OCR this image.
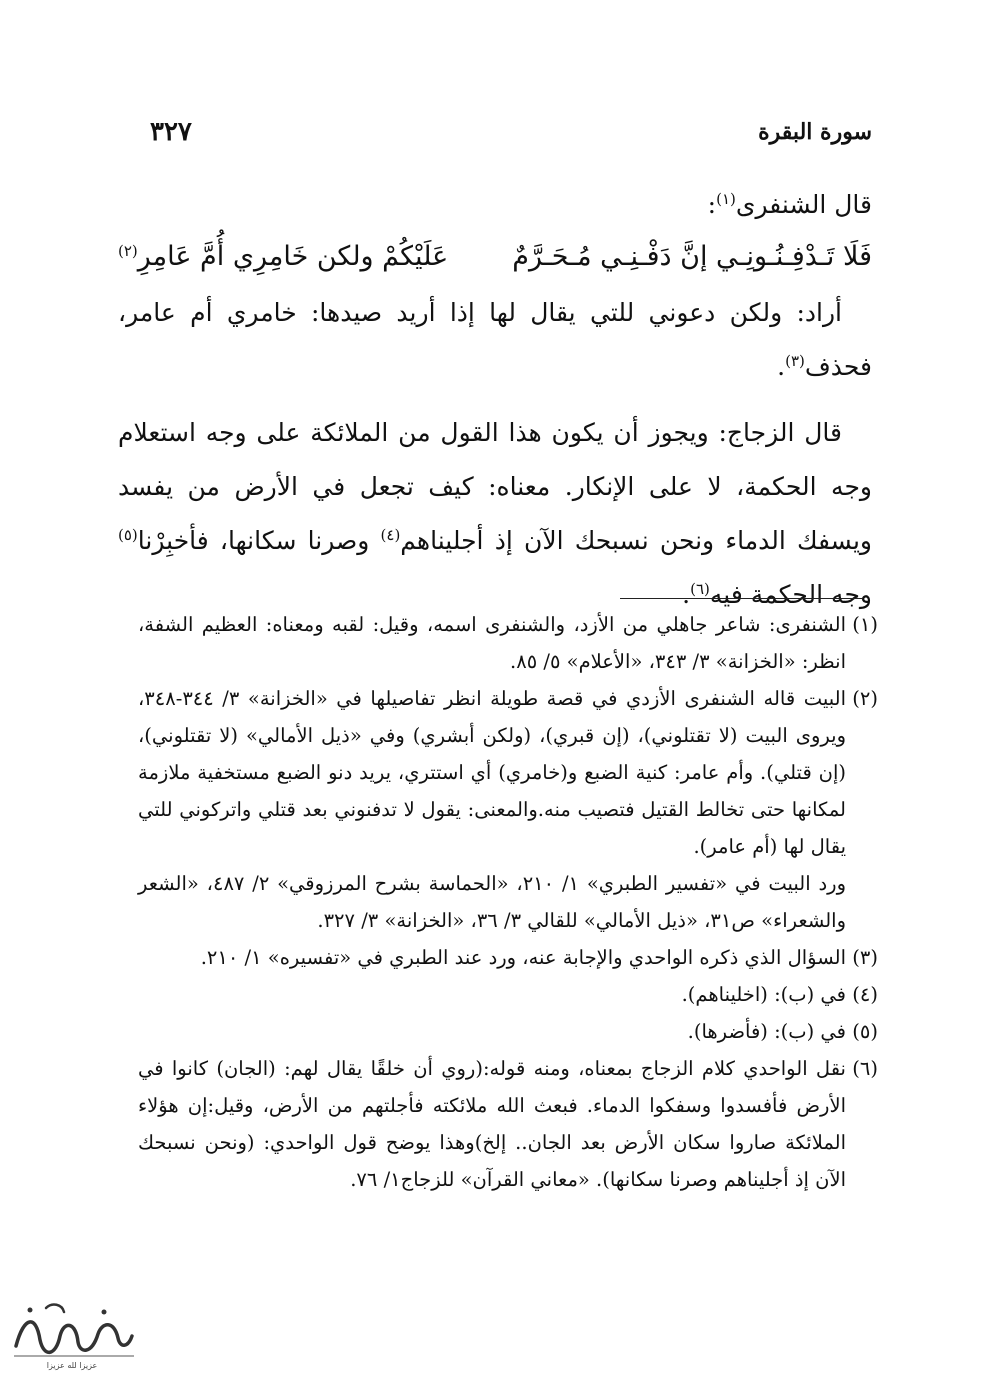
سورة البقرة
٣٢٧

قال الشنفرى$^{(١)}$:

فَلَا تَـدْفِـنُـونِـي إنَّ دَفْـنِـي مُـحَـرَّمٌ
عَلَيْكُمْ ولكن خَامِرِي أُمَّ عَامِرِ$^{(٢)}$

أراد: ولكن دعوني للتي يقال لها إذا أريد صيدها: خامري أم عامر، فحذف$^{(٣)}$.

قال الزجاج: ويجوز أن يكون هذا القول من الملائكة على وجه استعلام وجه الحكمة، لا على الإنكار. معناه: كيف تجعل في الأرض من يفسد ويسفك الدماء ونحن نسبحك الآن إذ أجليناهم$^{(٤)}$ وصرنا سكانها، فأخبِرْنا$^{(٥)}$ وجه الحكمة فيه$^{(٦)}$.

(١)

الشنفرى: شاعر جاهلي من الأزد، والشنفرى اسمه، وقيل: لقبه ومعناه: العظيم الشفة، انظر: «الخزانة» ٣/ ٣٤٣، «الأعلام» ٥/ ٨٥.

(٢)

البيت قاله الشنفرى الأزدي في قصة طويلة انظر تفاصيلها في «الخزانة» ٣/ ٣٤٤-٣٤٨، ويروى البيت (لا تقتلوني)، (إن قبري)، (ولكن أبشري) وفي «ذيل الأمالي» (لا تقتلوني)، (إن قتلي). وأم عامر: كنية الضبع و(خامري) أي استتري، يريد دنو الضبع مستخفية ملازمة لمكانها حتى تخالط القتيل فتصيب منه.والمعنى: يقول لا تدفنوني بعد قتلي واتركوني للتي يقال لها (أم عامر).

ورد البيت في «تفسير الطبري» ١/ ٢١٠، «الحماسة بشرح المرزوقي» ٢/ ٤٨٧، «الشعر والشعراء» ص٣١، «ذيل الأمالي» للقالي ٣/ ٣٦، «الخزانة» ٣/ ٣٢٧.

(٣)

السؤال الذي ذكره الواحدي والإجابة عنه، ورد عند الطبري في «تفسيره» ١/ ٢١٠.

(٤)

في (ب): (اخليناهم).

(٥)

في (ب): (فأضرها).

(٦)

نقل الواحدي كلام الزجاج بمعناه، ومنه قوله:(روي أن خلقًا يقال لهم: (الجان) كانوا في الأرض فأفسدوا وسفكوا الدماء. فبعث الله ملائكته فأجلتهم من الأرض، وقيل:إن هؤلاء الملائكة صاروا سكان الأرض بعد الجان.. إلخ)وهذا يوضح قول الواحدي: (ونحن نسبحك الآن إذ أجليناهم وصرنا سكانها). «معاني القرآن» للزجاج١/ ٧٦.

عزيزا لله عزيزا
